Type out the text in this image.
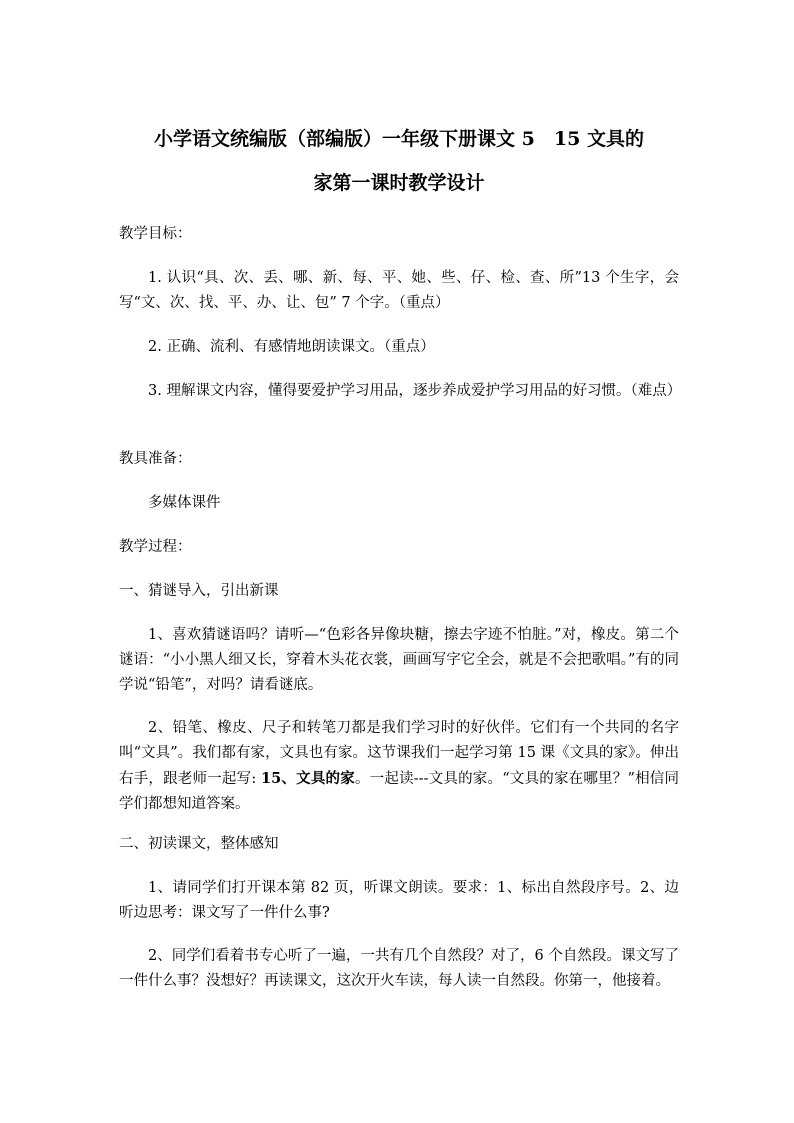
小学语文统编版（部编版）一年级下册课文 5　15 文具的
家第一课时教学设计

教学目标：

1. 认识“具、次、丢、哪、新、每、平、她、些、仔、检、查、所”13 个生字，会写“文、次、找、平、办、让、包” 7 个字。（重点）

2. 正确、流利、有感情地朗读课文。（重点）

3. 理解课文内容，懂得要爱护学习用品，逐步养成爱护学习用品的好习惯。（难点）

教具准备：

多媒体课件

教学过程：

一、猜谜导入，引出新课

1、喜欢猜谜语吗？请听—“色彩各异像块糖，擦去字迹不怕脏。”对，橡皮。第二个谜语：“小小黑人细又长，穿着木头花衣裳，画画写字它全会，就是不会把歌唱。”有的同学说“铅笔”，对吗？请看谜底。

2、铅笔、橡皮、尺子和转笔刀都是我们学习时的好伙伴。它们有一个共同的名字叫“文具”。我们都有家，文具也有家。这节课我们一起学习第 15 课《文具的家》。伸出右手，跟老师一起写: 15、文具的家。一起读---文具的家。“文具的家在哪里？”相信同学们都想知道答案。

二、初读课文，整体感知

1、请同学们打开课本第 82 页，听课文朗读。要求：1、标出自然段序号。2、边听边思考：课文写了一件什么事?

2、同学们看着书专心听了一遍，一共有几个自然段？对了，6 个自然段。课文写了一件什么事？没想好？再读课文，这次开火车读，每人读一自然段。你第一，他接着。
